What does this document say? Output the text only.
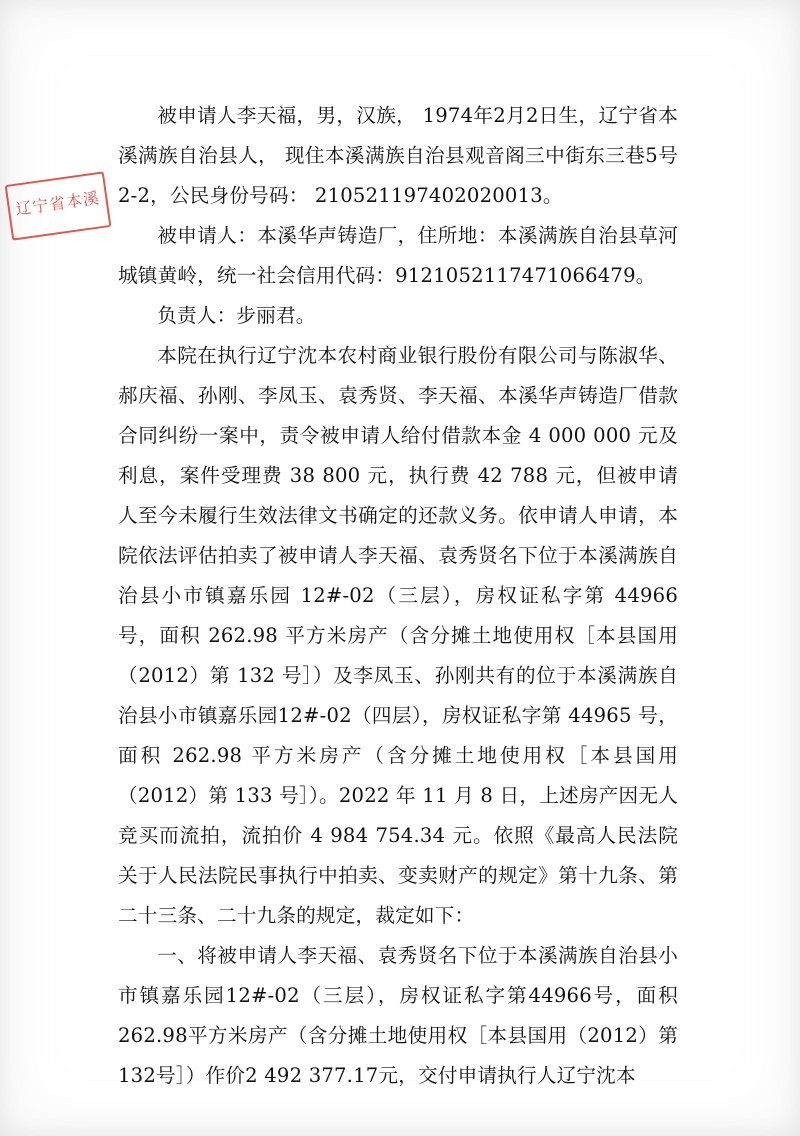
辽宁省本溪

被申请人李天福，男，汉族， 1974年2月2日生，辽宁省本溪满族自治县人， 现住本溪满族自治县观音阁三中街东三巷5号2-2，公民身份号码： 210521197402020013。

被申请人：本溪华声铸造厂，住所地：本溪满族自治县草河城镇黄岭，统一社会信用代码：9121052117471066479。

负责人：步丽君。

本院在执行辽宁沈本农村商业银行股份有限公司与陈淑华、郝庆福、孙刚、李凤玉、袁秀贤、李天福、本溪华声铸造厂借款合同纠纷一案中，责令被申请人给付借款本金 4 000 000 元及利息，案件受理费 38 800 元，执行费 42 788 元，但被申请人至今未履行生效法律文书确定的还款义务。依申请人申请，本院依法评估拍卖了被申请人李天福、袁秀贤名下位于本溪满族自治县小市镇嘉乐园 12#-02（三层），房权证私字第 44966 号，面积 262.98 平方米房产（含分摊土地使用权［本县国用（2012）第 132 号］）及李凤玉、孙刚共有的位于本溪满族自治县小市镇嘉乐园12#-02（四层），房权证私字第 44965 号，面积 262.98 平方米房产（含分摊土地使用权［本县国用（2012）第 133 号］）。2022 年 11 月 8 日，上述房产因无人竞买而流拍，流拍价 4 984 754.34 元。依照《最高人民法院关于人民法院民事执行中拍卖、变卖财产的规定》第十九条、第二十三条、二十九条的规定，裁定如下：

一、将被申请人李天福、袁秀贤名下位于本溪满族自治县小市镇嘉乐园12#-02（三层），房权证私字第44966号，面积262.98平方米房产（含分摊土地使用权［本县国用（2012）第132号］）作价2 492 377.17元，交付申请执行人辽宁沈本
